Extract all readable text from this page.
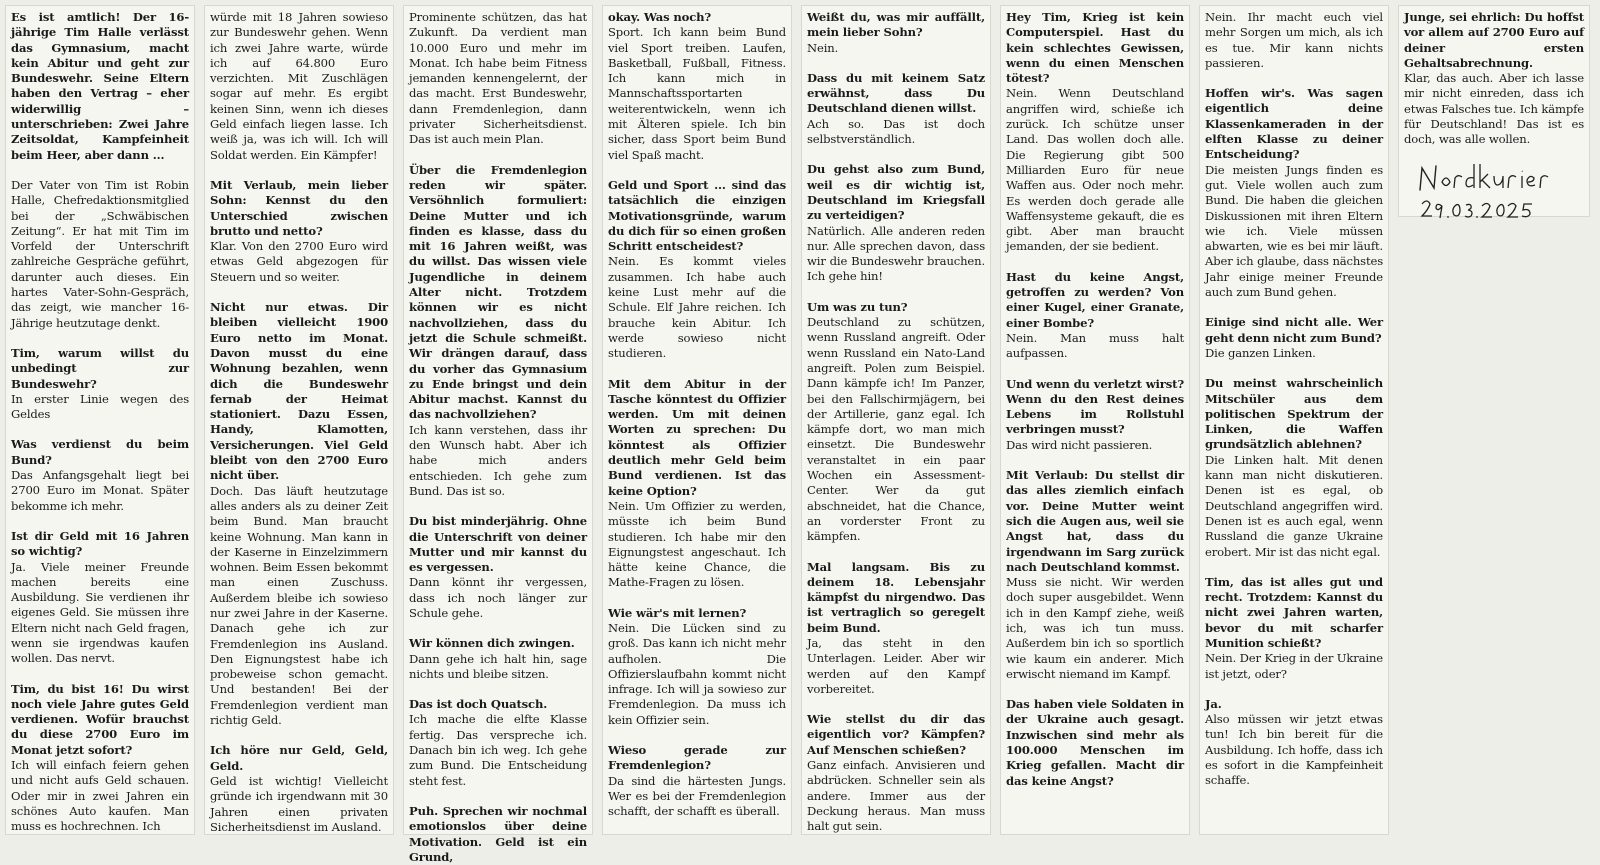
Es ist amtlich! Der 16-jährige Tim Halle verlässt das Gymnasium, macht kein Abitur und geht zur Bundeswehr. Seine Eltern haben den Vertrag – eher widerwillig – unterschrieben: Zwei Jahre Zeitsoldat, Kampfeinheit beim Heer, aber dann ...

Der Vater von Tim ist Robin Halle, Chefredaktionsmitglied bei der „Schwäbischen Zeitung“. Er hat mit Tim im Vorfeld der Unterschrift zahlreiche Gespräche geführt, darunter auch dieses. Ein hartes Vater-Sohn-Gespräch, das zeigt, wie mancher 16-Jährige heutzutage denkt.

Tim, warum willst du unbedingt zur Bundeswehr?

In erster Linie wegen des Geldes

Was verdienst du beim Bund?

Das Anfangsgehalt liegt bei 2700 Euro im Monat. Später bekomme ich mehr.

Ist dir Geld mit 16 Jahren so wichtig?

Ja. Viele meiner Freunde machen bereits eine Ausbildung. Sie verdienen ihr eigenes Geld. Sie müssen ihre Eltern nicht nach Geld fragen, wenn sie irgendwas kaufen wollen. Das nervt.

Tim, du bist 16! Du wirst noch viele Jahre gutes Geld verdienen. Wofür brauchst du diese 2700 Euro im Monat jetzt sofort?

Ich will einfach feiern gehen und nicht aufs Geld schauen. Oder mir in zwei Jahren ein schönes Auto kaufen. Man muss es hochrechnen. Ich

würde mit 18 Jahren sowieso zur Bundeswehr gehen. Wenn ich zwei Jahre warte, würde ich auf 64.800 Euro verzichten. Mit Zuschlägen sogar auf mehr. Es ergibt keinen Sinn, wenn ich dieses Geld einfach liegen lasse. Ich weiß ja, was ich will. Ich will Soldat werden. Ein Kämpfer!

Mit Verlaub, mein lieber Sohn: Kennst du den Unterschied zwischen brutto und netto?

Klar. Von den 2700 Euro wird etwas Geld abgezogen für Steuern und so weiter.

Nicht nur etwas. Dir bleiben vielleicht 1900 Euro netto im Monat. Davon musst du eine Wohnung bezahlen, wenn dich die Bundeswehr fernab der Heimat stationiert. Dazu Essen, Handy, Klamotten, Versicherungen. Viel Geld bleibt von den 2700 Euro nicht über.

Doch. Das läuft heutzutage alles anders als zu deiner Zeit beim Bund. Man braucht keine Wohnung. Man kann in der Kaserne in Einzelzimmern wohnen. Beim Essen bekommt man einen Zuschuss. Außerdem bleibe ich sowieso nur zwei Jahre in der Kaserne. Danach gehe ich zur Fremdenlegion ins Ausland. Den Eignungstest habe ich probeweise schon gemacht. Und bestanden! Bei der Fremdenlegion verdient man richtig Geld.

Ich höre nur Geld, Geld, Geld.

Geld ist wichtig! Vielleicht gründe ich irgendwann mit 30 Jahren einen privaten Sicherheitsdienst im Ausland.

Prominente schützen, das hat Zukunft. Da verdient man 10.000 Euro und mehr im Monat. Ich habe beim Fitness jemanden kennengelernt, der das macht. Erst Bundeswehr, dann Fremdenlegion, dann privater Sicherheitsdienst. Das ist auch mein Plan.

Über die Fremdenlegion reden wir später. Versöhnlich formuliert: Deine Mutter und ich finden es klasse, dass du mit 16 Jahren weißt, was du willst. Das wissen viele Jugendliche in deinem Alter nicht. Trotzdem können wir es nicht nachvollziehen, dass du jetzt die Schule schmeißt. Wir drängen darauf, dass du vorher das Gymnasium zu Ende bringst und dein Abitur machst. Kannst du das nachvollziehen?

Ich kann verstehen, dass ihr den Wunsch habt. Aber ich habe mich anders entschieden. Ich gehe zum Bund. Das ist so.

Du bist minderjährig. Ohne die Unterschrift von deiner Mutter und mir kannst du es vergessen.

Dann könnt ihr vergessen, dass ich noch länger zur Schule gehe.

Wir können dich zwingen.

Dann gehe ich halt hin, sage nichts und bleibe sitzen.

Das ist doch Quatsch.

Ich mache die elfte Klasse fertig. Das verspreche ich. Danach bin ich weg. Ich gehe zum Bund. Die Entscheidung steht fest.

Puh. Sprechen wir nochmal emotionslos über deine Motivation. Geld ist ein Grund,

okay. Was noch?

Sport. Ich kann beim Bund viel Sport treiben. Laufen, Basketball, Fußball, Fitness. Ich kann mich in Mannschaftssportarten weiterentwickeln, wenn ich mit Älteren spiele. Ich bin sicher, dass Sport beim Bund viel Spaß macht.

Geld und Sport ... sind das tatsächlich die einzigen Motivationsgründe, warum du dich für so einen großen Schritt entscheidest?

Nein. Es kommt vieles zusammen. Ich habe auch keine Lust mehr auf die Schule. Elf Jahre reichen. Ich brauche kein Abitur. Ich werde sowieso nicht studieren.

Mit dem Abitur in der Tasche könntest du Offizier werden. Um mit deinen Worten zu sprechen: Du könntest als Offizier deutlich mehr Geld beim Bund verdienen. Ist das keine Option?

Nein. Um Offizier zu werden, müsste ich beim Bund studieren. Ich habe mir den Eignungstest angeschaut. Ich hätte keine Chance, die Mathe-Fragen zu lösen.

Wie wär's mit lernen?

Nein. Die Lücken sind zu groß. Das kann ich nicht mehr aufholen. Die Offizierslaufbahn kommt nicht infrage. Ich will ja sowieso zur Fremdenlegion. Da muss ich kein Offizier sein.

Wieso gerade zur Fremdenlegion?

Da sind die härtesten Jungs. Wer es bei der Fremdenlegion schafft, der schafft es überall.

Weißt du, was mir auffällt, mein lieber Sohn?

Nein.

Dass du mit keinem Satz erwähnst, dass Du Deutschland dienen willst.

Ach so. Das ist doch selbstverständlich.

Du gehst also zum Bund, weil es dir wichtig ist, Deutschland im Kriegsfall zu verteidigen?

Natürlich. Alle anderen reden nur. Alle sprechen davon, dass wir die Bundeswehr brauchen. Ich gehe hin!

Um was zu tun?

Deutschland zu schützen, wenn Russland angreift. Oder wenn Russland ein Nato-Land angreift. Polen zum Beispiel. Dann kämpfe ich! Im Panzer, bei den Fallschirmjägern, bei der Artillerie, ganz egal. Ich kämpfe dort, wo man mich einsetzt. Die Bundeswehr veranstaltet in ein paar Wochen ein Assessment-Center. Wer da gut abschneidet, hat die Chance, an vorderster Front zu kämpfen.

Mal langsam. Bis zu deinem 18. Lebensjahr kämpfst du nirgendwo. Das ist vertraglich so geregelt beim Bund.

Ja, das steht in den Unterlagen. Leider. Aber wir werden auf den Kampf vorbereitet.

Wie stellst du dir das eigentlich vor? Kämpfen? Auf Menschen schießen?

Ganz einfach. Anvisieren und abdrücken. Schneller sein als andere. Immer aus der Deckung heraus. Man muss halt gut sein.

Hey Tim, Krieg ist kein Computerspiel. Hast du kein schlechtes Gewissen, wenn du einen Menschen tötest?

Nein. Wenn Deutschland angriffen wird, schieße ich zurück. Ich schütze unser Land. Das wollen doch alle. Die Regierung gibt 500 Milliarden Euro für neue Waffen aus. Oder noch mehr. Es werden doch gerade alle Waffensysteme gekauft, die es gibt. Aber man braucht jemanden, der sie bedient.

Hast du keine Angst, getroffen zu werden? Von einer Kugel, einer Granate, einer Bombe?

Nein. Man muss halt aufpassen.

Und wenn du verletzt wirst? Wenn du den Rest deines Lebens im Rollstuhl verbringen musst?

Das wird nicht passieren.

Mit Verlaub: Du stellst dir das alles ziemlich einfach vor. Deine Mutter weint sich die Augen aus, weil sie Angst hat, dass du irgendwann im Sarg zurück nach Deutschland kommst.

Muss sie nicht. Wir werden doch super ausgebildet. Wenn ich in den Kampf ziehe, weiß ich, was ich tun muss. Außerdem bin ich so sportlich wie kaum ein anderer. Mich erwischt niemand im Kampf.

Das haben viele Soldaten in der Ukraine auch gesagt. Inzwischen sind mehr als 100.000 Menschen im Krieg gefallen. Macht dir das keine Angst?

Nein. Ihr macht euch viel mehr Sorgen um mich, als ich es tue. Mir kann nichts passieren.

Hoffen wir's. Was sagen eigentlich deine Klassenkameraden in der elften Klasse zu deiner Entscheidung?

Die meisten Jungs finden es gut. Viele wollen auch zum Bund. Die haben die gleichen Diskussionen mit ihren Eltern wie ich. Viele müssen abwarten, wie es bei mir läuft. Aber ich glaube, dass nächstes Jahr einige meiner Freunde auch zum Bund gehen.

Einige sind nicht alle. Wer geht denn nicht zum Bund?

Die ganzen Linken.

Du meinst wahrscheinlich Mitschüler aus dem politischen Spektrum der Linken, die Waffen grundsätzlich ablehnen?

Die Linken halt. Mit denen kann man nicht diskutieren. Denen ist es egal, ob Deutschland angegriffen wird. Denen ist es auch egal, wenn Russland die ganze Ukraine erobert. Mir ist das nicht egal.

Tim, das ist alles gut und recht. Trotzdem: Kannst du nicht zwei Jahren warten, bevor du mit scharfer Munition schießt?

Nein. Der Krieg in der Ukraine ist jetzt, oder?

Ja.

Also müssen wir jetzt etwas tun! Ich bin bereit für die Ausbildung. Ich hoffe, dass ich es sofort in die Kampfeinheit schaffe.

Junge, sei ehrlich: Du hoffst vor allem auf 2700 Euro auf deiner ersten Gehaltsabrechnung.

Klar, das auch. Aber ich lasse mir nicht einreden, dass ich etwas Falsches tue. Ich kämpfe für Deutschland! Das ist es doch, was alle wollen.
